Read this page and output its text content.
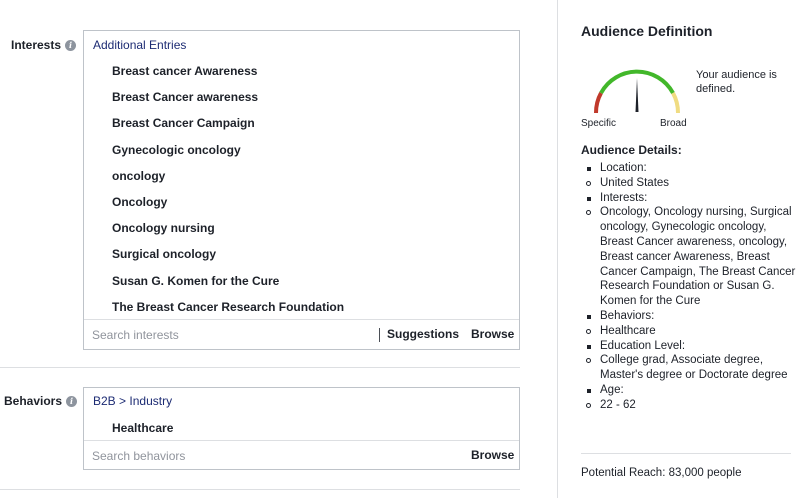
Interests i	Additional Entries
Breast cancer Awareness
Breast Cancer awareness
Breast Cancer Campaign
Gynecologic oncology
oncology
Oncology
Oncology nursing
Surgical oncology
Susan G. Komen for the Cure
The Breast Cancer Research Foundation
Search interests
Suggestions Browse
Behaviors i	B2B > Industry
Healthcare
Search behaviors
Browse
Audience Definition
Specific	Broad
Your audience is defined.
Audience Details:
Location:
United States
Interests:
Oncology, Oncology nursing, Surgical oncology, Gynecologic oncology, Breast Cancer awareness, oncology, Breast cancer Awareness, Breast Cancer Campaign, The Breast Cancer Research Foundation or Susan G. Komen for the Cure
Behaviors:
Healthcare
Education Level:
College grad, Associate degree, Master's degree or Doctorate degree
Age:
22 - 62
Potential Reach: 83,000 people
